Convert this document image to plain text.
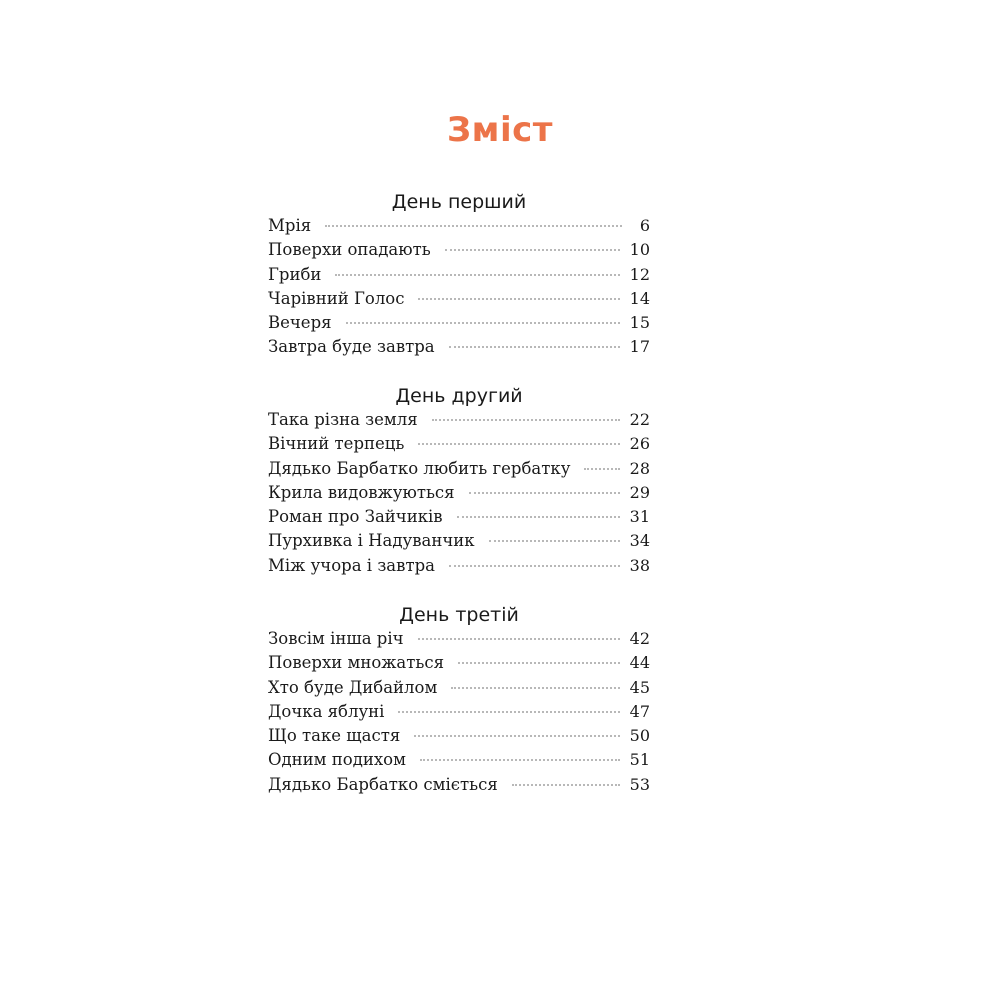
Зміст
День перший
Мрія	6
Поверхи опадають	10
Гриби	12
Чарівний Голос	14
Вечеря	15
Завтра буде завтра	17
День другий
Така різна земля	22
Вічний терпець	26
Дядько Барбатко любить гербатку	28
Крила видовжуються	29
Роман про Зайчиків	31
Пурхивка і Надуванчик	34
Між учора і завтра	38
День третій
Зовсім інша річ	42
Поверхи множаться	44
Хто буде Дибайлом	45
Дочка яблуні	47
Що таке щастя	50
Одним подихом	51
Дядько Барбатко сміється	53
